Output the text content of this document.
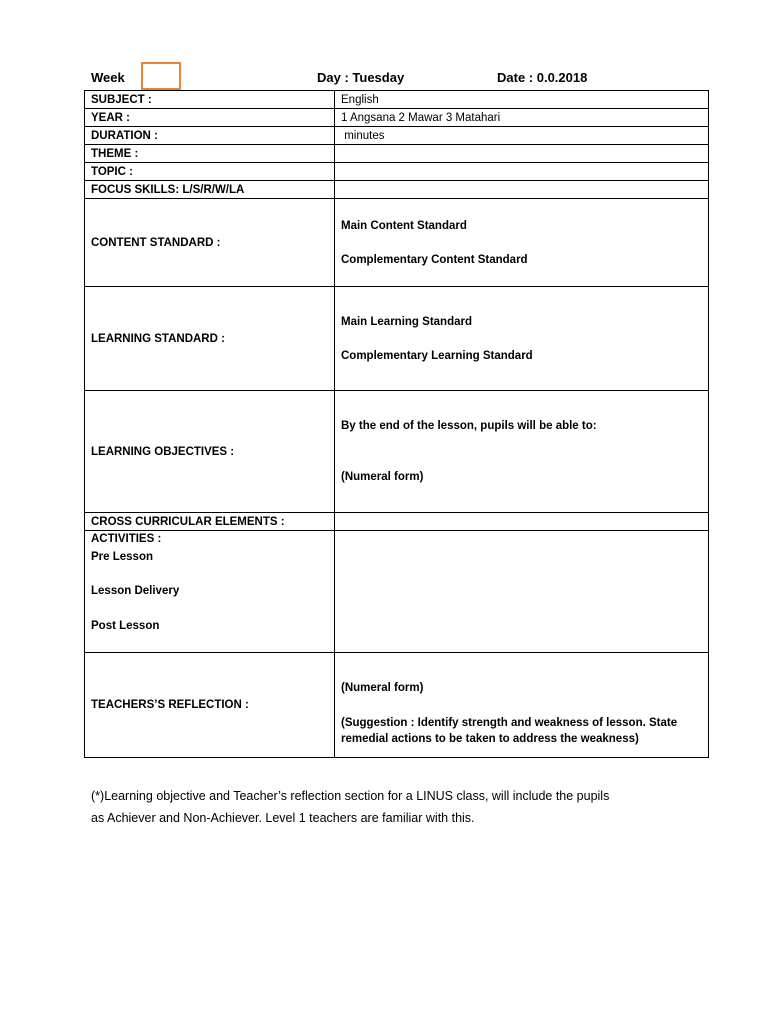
Week	Day : Tuesday	Date : 0.0.2018
SUBJECT :	English
YEAR :	1 Angsana 2 Mawar 3 Matahari
DURATION :	minutes
THEME :	
TOPIC :	
FOCUS SKILLS: L/S/R/W/LA	
CONTENT STANDARD :	Main Content Standard
Complementary Content Standard

LEARNING STANDARD :	Main Learning Standard
Complementary Learning Standard

LEARNING OBJECTIVES :	By the end of the lesson, pupils will be able to:
(Numeral form)

CROSS CURRICULAR ELEMENTS :	

ACTIVITIES :
Pre Lesson
Lesson Delivery
Post Lesson	

TEACHERS’S REFLECTION :	(Numeral form)
(Suggestion : Identify strength and weakness of lesson. State remedial actions to be taken to address the weakness)
(*)Learning objective and Teacher’s reflection section for a LINUS class, will include the pupils
as Achiever and Non-Achiever. Level 1 teachers are familiar with this.
